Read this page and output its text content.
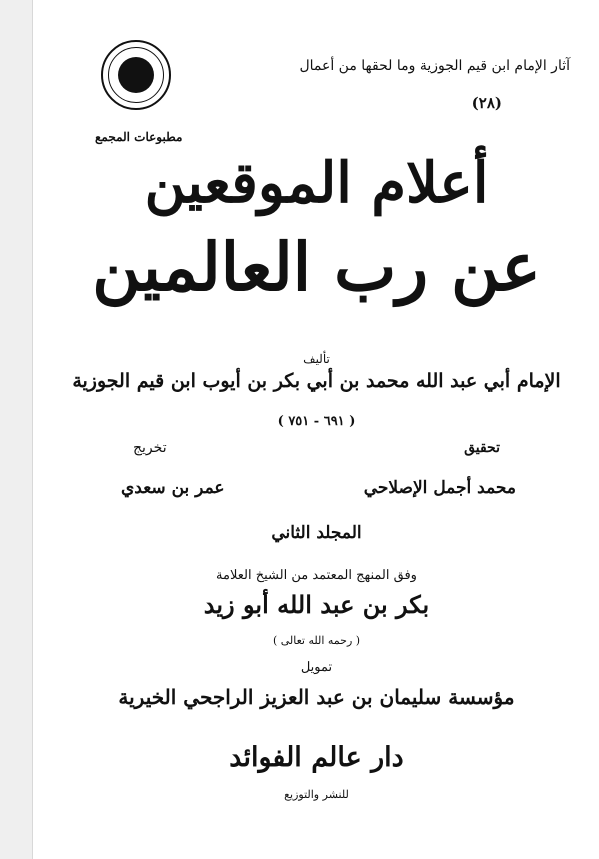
مطبوعات المجمع
آثار الإمام ابن قيم الجوزية وما لحقها من أعمال
(٢٨)
أعلام الموقعين
عن رب العالمين
تأليف
الإمام أبي عبد الله محمد بن أبي بكر بن أيوب ابن قيم الجوزية
( ٦٩١ - ٧٥١ )
تحقيق
محمد أجمل الإصلاحي
تخريج
عمر بن سعدي
المجلد الثاني
وفق المنهج المعتمد من الشيخ العلامة
بكر بن عبد الله أبو زيد
( رحمه الله تعالى )
تمويل
مؤسسة سليمان بن عبد العزيز الراجحي الخيرية
دار عالم الفوائد
للنشر والتوزيع
